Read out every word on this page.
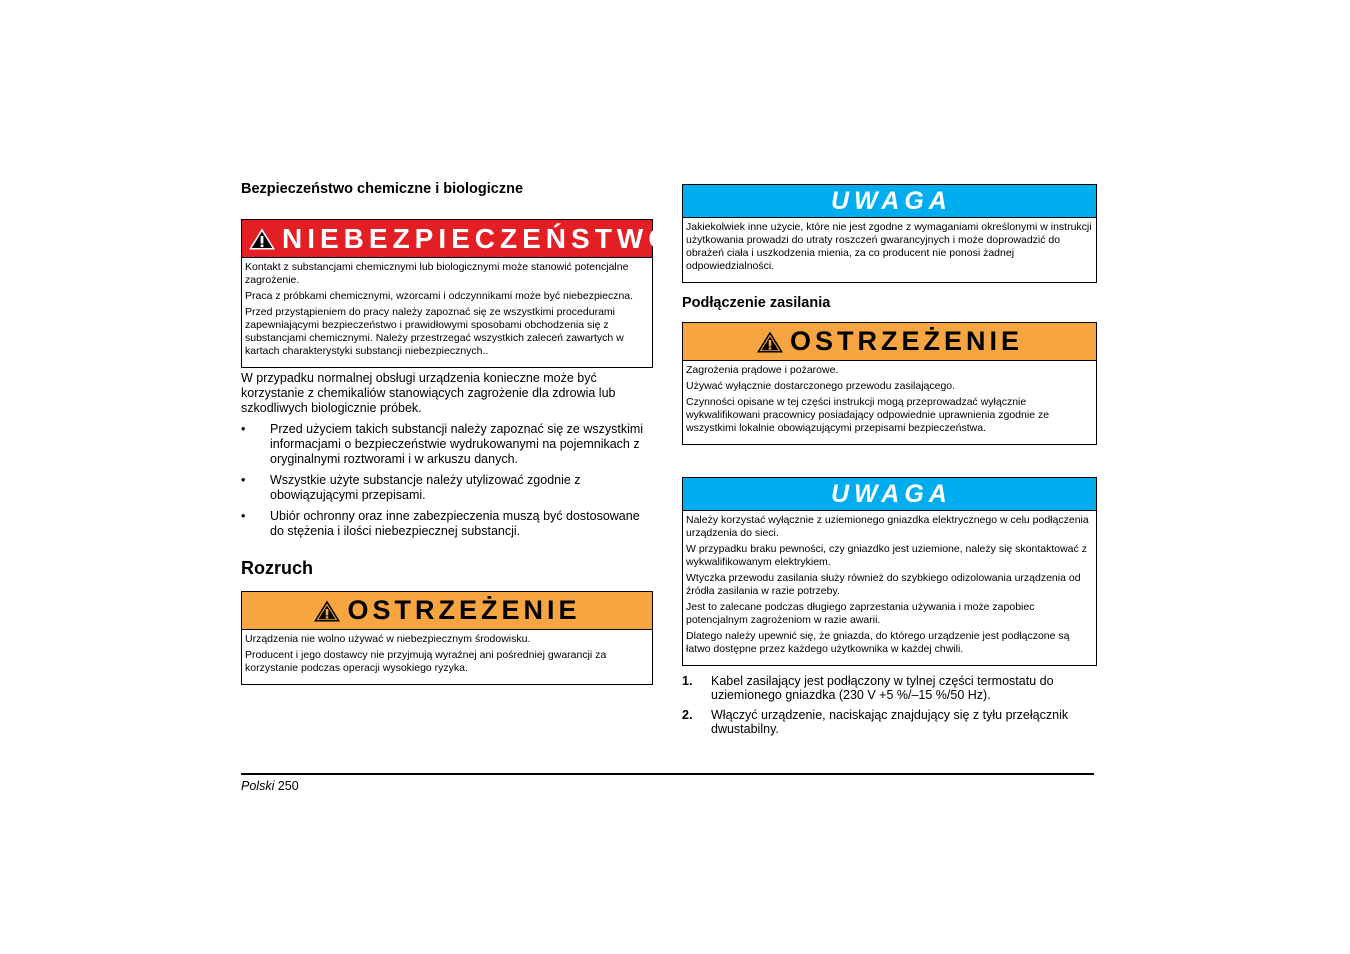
Bezpieczeństwo chemiczne i biologiczne
NIEBEZPIECZEŃSTWO

Kontakt z substancjami chemicznymi lub biologicznymi może stanowić potencjalne zagrożenie.

Praca z próbkami chemicznymi, wzorcami i odczynnikami może być niebezpieczna.

Przed przystąpieniem do pracy należy zapoznać się ze wszystkimi procedurami zapewniającymi bezpieczeństwo i prawidłowymi sposobami obchodzenia się z substancjami chemicznymi. Należy przestrzegać wszystkich zaleceń zawartych w kartach charakterystyki substancji niebezpiecznych..

W przypadku normalnej obsługi urządzenia konieczne może być korzystanie z chemikaliów stanowiących zagrożenie dla zdrowia lub szkodliwych biologicznie próbek.

• Przed użyciem takich substancji należy zapoznać się ze wszystkimi informacjami o bezpieczeństwie wydrukowanymi na pojemnikach z oryginalnymi roztworami i w arkuszu danych.
• Wszystkie użyte substancje należy utylizować zgodnie z obowiązującymi przepisami.
• Ubiór ochronny oraz inne zabezpieczenia muszą być dostosowane do stężenia i ilości niebezpiecznej substancji.
Rozruch
OSTRZEŻENIE

Urządzenia nie wolno używać w niebezpiecznym środowisku.

Producent i jego dostawcy nie przyjmują wyraźnej ani pośredniej gwarancji za korzystanie podczas operacji wysokiego ryzyka.

UWAGA

Jakiekolwiek inne użycie, które nie jest zgodne z wymaganiami określonymi w instrukcji użytkowania prowadzi do utraty roszczeń gwarancyjnych i może doprowadzić do obrażeń ciała i uszkodzenia mienia, za co producent nie ponosi żadnej odpowiedzialności.

Podłączenie zasilania
OSTRZEŻENIE

Zagrożenia prądowe i pożarowe.

Używać wyłącznie dostarczonego przewodu zasilającego.

Czynności opisane w tej części instrukcji mogą przeprowadzać wyłącznie wykwalifikowani pracownicy posiadający odpowiednie uprawnienia zgodnie ze wszystkimi lokalnie obowiązującymi przepisami bezpieczeństwa.

UWAGA

Należy korzystać wyłącznie z uziemionego gniazdka elektrycznego w celu podłączenia urządzenia do sieci.

W przypadku braku pewności, czy gniazdko jest uziemione, należy się skontaktować z wykwalifikowanym elektrykiem.

Wtyczka przewodu zasilania służy również do szybkiego odizolowania urządzenia od źródła zasilania w razie potrzeby.

Jest to zalecane podczas długiego zaprzestania używania i może zapobiec potencjalnym zagrożeniom w razie awarii.

Dlatego należy upewnić się, że gniazda, do którego urządzenie jest podłączone są łatwo dostępne przez każdego użytkownika w każdej chwili.

1. Kabel zasilający jest podłączony w tylnej części termostatu do uziemionego gniazdka (230 V +5 %/–15 %/50 Hz).
2. Włączyć urządzenie, naciskając znajdujący się z tyłu przełącznik dwustabilny.
Polski 250
